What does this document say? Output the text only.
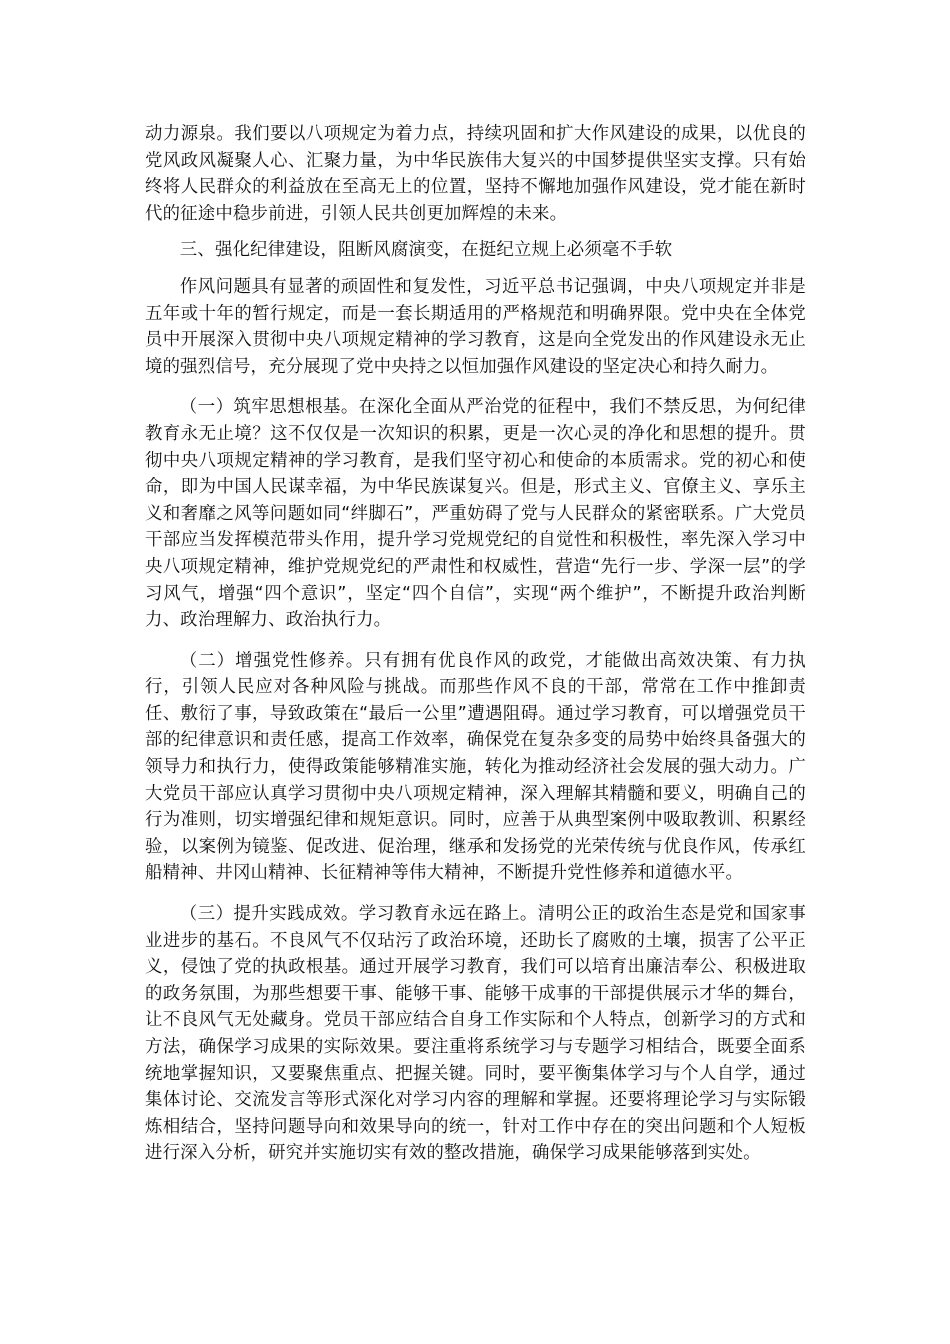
动力源泉。我们要以八项规定为着力点，持续巩固和扩大作风建设的成果，以优良的党风政风凝聚人心、汇聚力量，为中华民族伟大复兴的中国梦提供坚实支撑。只有始终将人民群众的利益放在至高无上的位置，坚持不懈地加强作风建设，党才能在新时代的征途中稳步前进，引领人民共创更加辉煌的未来。

三、强化纪律建设，阻断风腐演变，在挺纪立规上必须毫不手软

作风问题具有显著的顽固性和复发性，习近平总书记强调，中央八项规定并非是五年或十年的暂行规定，而是一套长期适用的严格规范和明确界限。党中央在全体党员中开展深入贯彻中央八项规定精神的学习教育，这是向全党发出的作风建设永无止境的强烈信号，充分展现了党中央持之以恒加强作风建设的坚定决心和持久耐力。

（一）筑牢思想根基。在深化全面从严治党的征程中，我们不禁反思，为何纪律教育永无止境？这不仅仅是一次知识的积累，更是一次心灵的净化和思想的提升。贯彻中央八项规定精神的学习教育，是我们坚守初心和使命的本质需求。党的初心和使命，即为中国人民谋幸福，为中华民族谋复兴。但是，形式主义、官僚主义、享乐主义和奢靡之风等问题如同“绊脚石”，严重妨碍了党与人民群众的紧密联系。广大党员干部应当发挥模范带头作用，提升学习党规党纪的自觉性和积极性，率先深入学习中央八项规定精神，维护党规党纪的严肃性和权威性，营造“先行一步、学深一层”的学习风气，增强“四个意识”，坚定“四个自信”，实现“两个维护”，不断提升政治判断力、政治理解力、政治执行力。

（二）增强党性修养。只有拥有优良作风的政党，才能做出高效决策、有力执行，引领人民应对各种风险与挑战。而那些作风不良的干部，常常在工作中推卸责任、敷衍了事，导致政策在“最后一公里”遭遇阻碍。通过学习教育，可以增强党员干部的纪律意识和责任感，提高工作效率，确保党在复杂多变的局势中始终具备强大的领导力和执行力，使得政策能够精准实施，转化为推动经济社会发展的强大动力。广大党员干部应认真学习贯彻中央八项规定精神，深入理解其精髓和要义，明确自己的行为准则，切实增强纪律和规矩意识。同时，应善于从典型案例中吸取教训、积累经验，以案例为镜鉴、促改进、促治理，继承和发扬党的光荣传统与优良作风，传承红船精神、井冈山精神、长征精神等伟大精神，不断提升党性修养和道德水平。

（三）提升实践成效。学习教育永远在路上。清明公正的政治生态是党和国家事业进步的基石。不良风气不仅玷污了政治环境，还助长了腐败的土壤，损害了公平正义，侵蚀了党的执政根基。通过开展学习教育，我们可以培育出廉洁奉公、积极进取的政务氛围，为那些想要干事、能够干事、能够干成事的干部提供展示才华的舞台，让不良风气无处藏身。党员干部应结合自身工作实际和个人特点，创新学习的方式和方法，确保学习成果的实际效果。要注重将系统学习与专题学习相结合，既要全面系统地掌握知识，又要聚焦重点、把握关键。同时，要平衡集体学习与个人自学，通过集体讨论、交流发言等形式深化对学习内容的理解和掌握。还要将理论学习与实际锻炼相结合，坚持问题导向和效果导向的统一，针对工作中存在的突出问题和个人短板进行深入分析，研究并实施切实有效的整改措施，确保学习成果能够落到实处。
